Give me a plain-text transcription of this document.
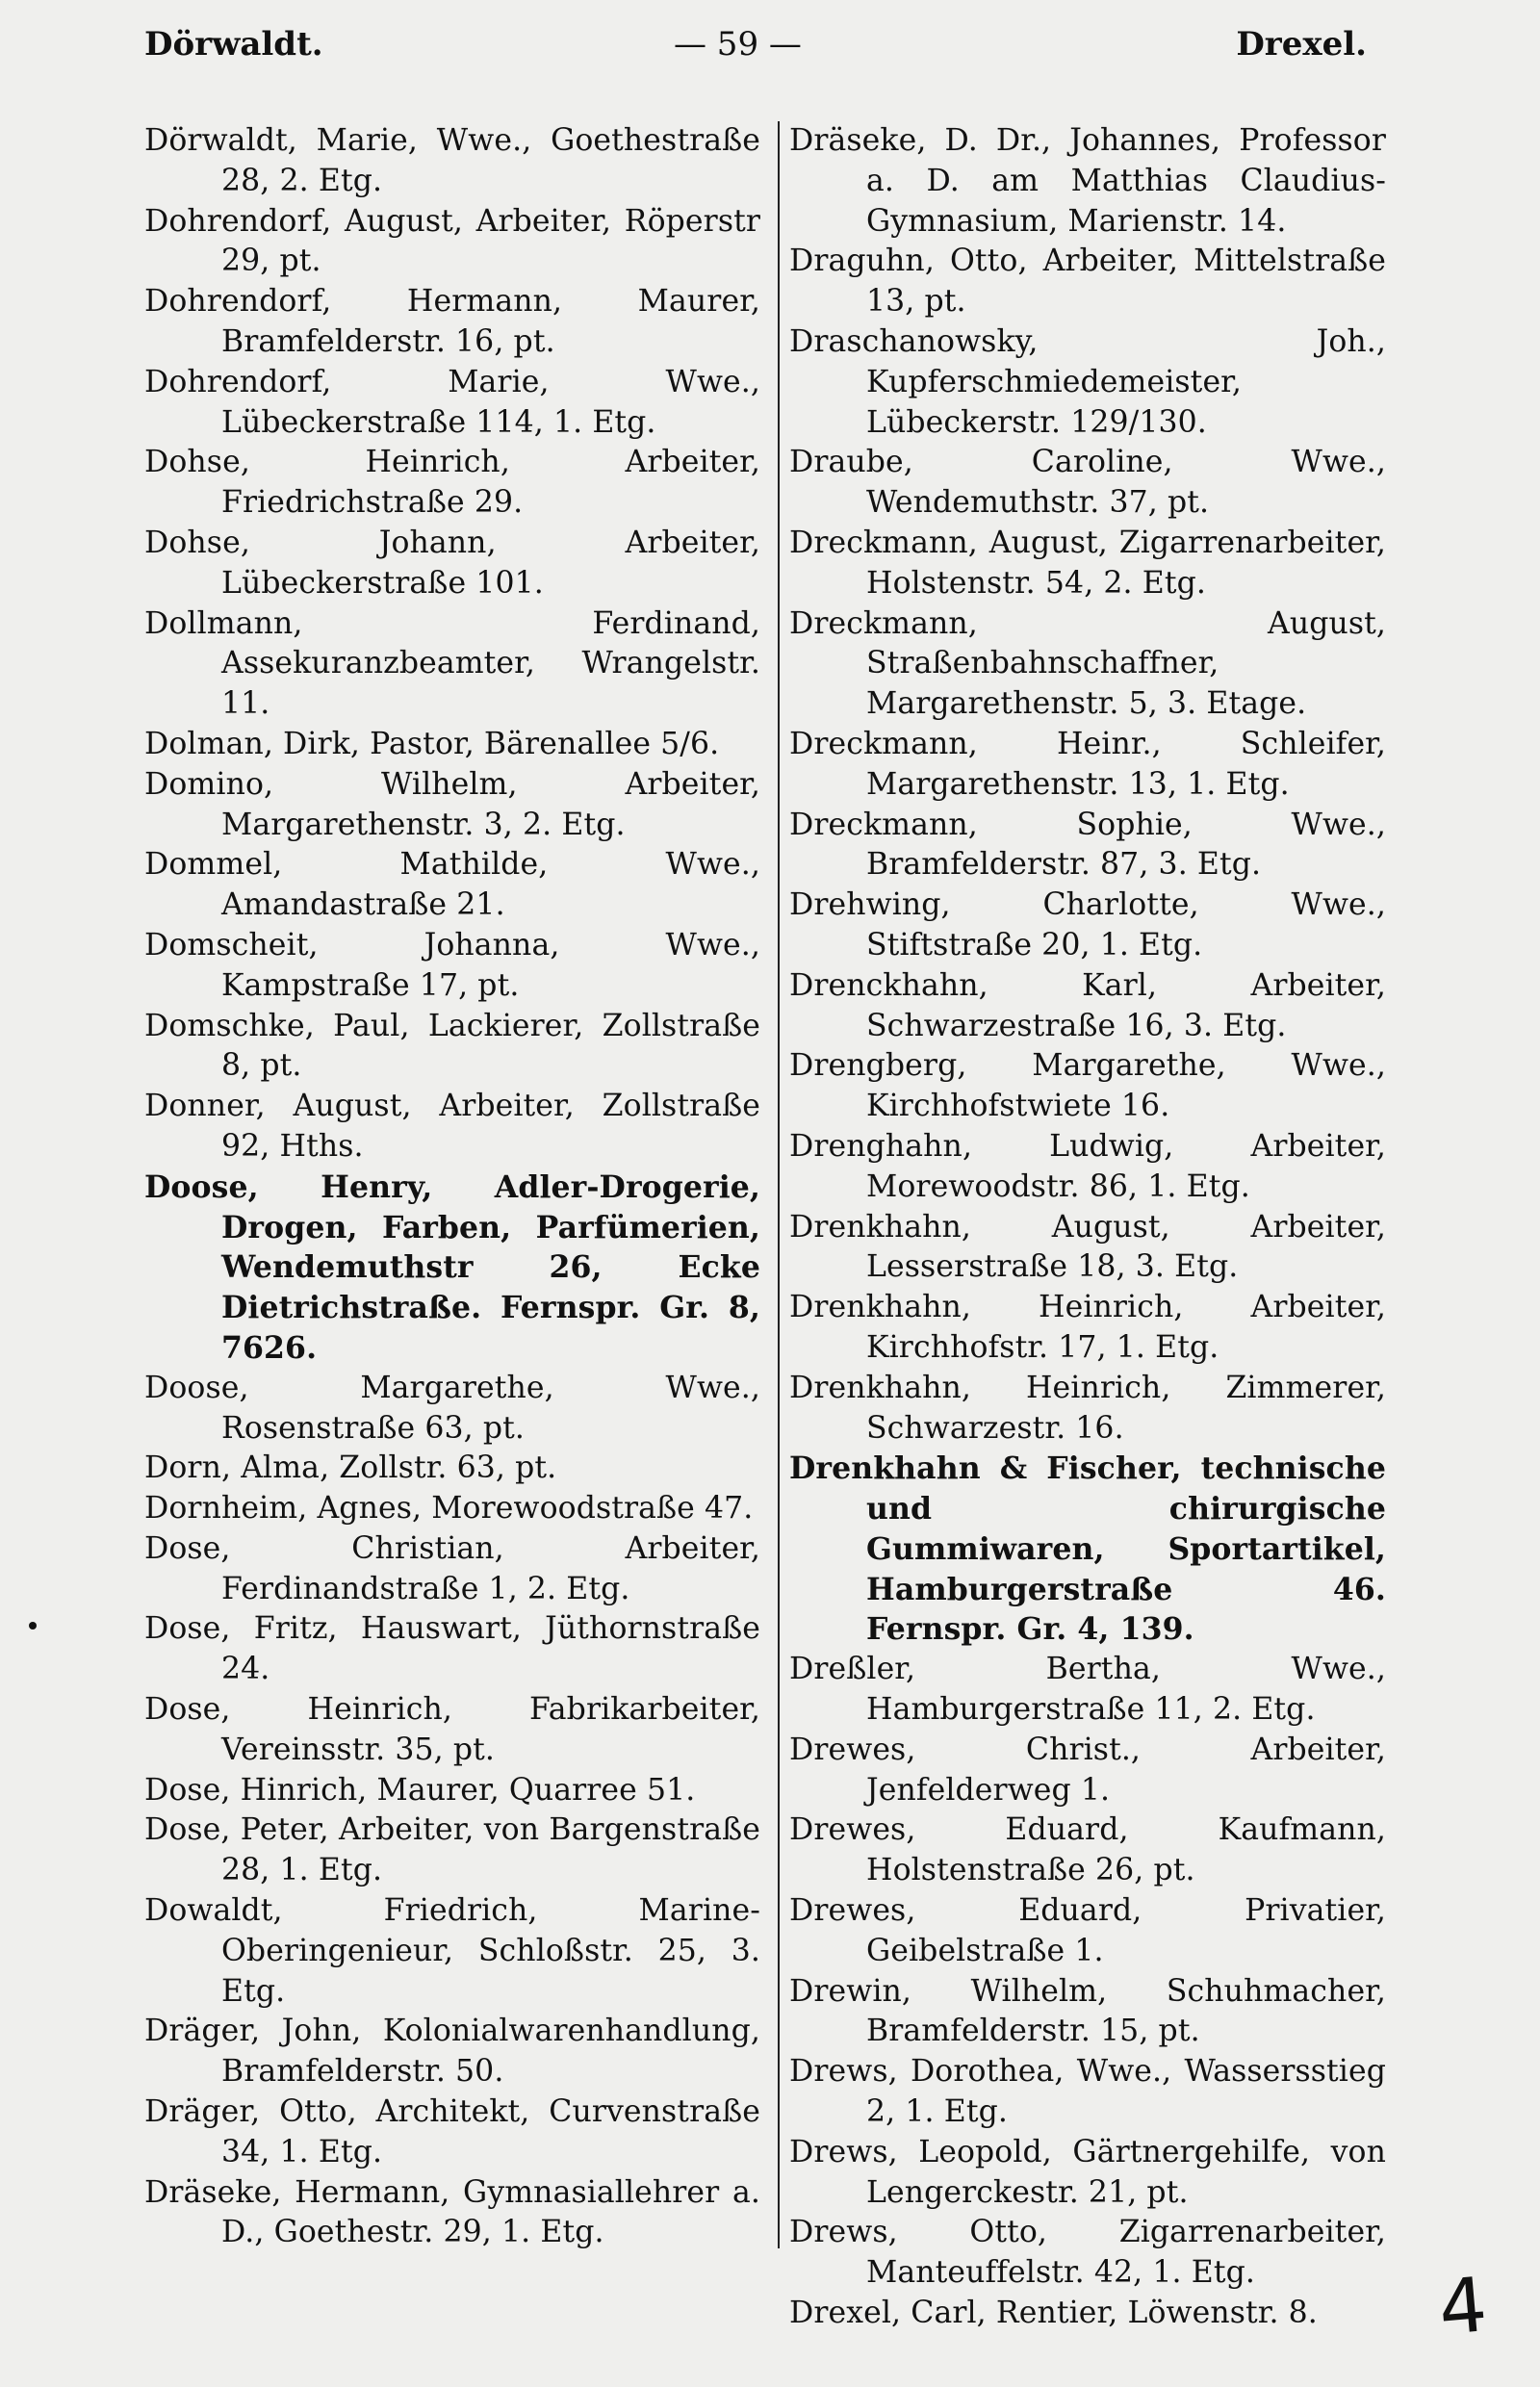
Dörwaldt.	— 59 —	Drexel.

Dörwaldt, Marie, Wwe., Goethestraße 28, 2. Etg.

Dohrendorf, August, Arbeiter, Röperstr 29, pt.

Dohrendorf, Hermann, Maurer, Bramfelderstr. 16, pt.

Dohrendorf, Marie, Wwe., Lübeckerstraße 114, 1. Etg.

Dohse, Heinrich, Arbeiter, Friedrichstraße 29.

Dohse, Johann, Arbeiter, Lübeckerstraße 101.

Dollmann, Ferdinand, Assekuranzbeamter, Wrangelstr. 11.

Dolman, Dirk, Pastor, Bärenallee 5/6.

Domino, Wilhelm, Arbeiter, Margarethenstr. 3, 2. Etg.

Dommel, Mathilde, Wwe., Amandastraße 21.

Domscheit, Johanna, Wwe., Kampstraße 17, pt.

Domschke, Paul, Lackierer, Zollstraße 8, pt.

Donner, August, Arbeiter, Zollstraße 92, Hths.

Doose, Henry, Adler-Drogerie, Drogen, Farben, Parfümerien, Wendemuthstr 26, Ecke Dietrichstraße. Fernspr. Gr. 8, 7626.

Doose, Margarethe, Wwe., Rosenstraße 63, pt.

Dorn, Alma, Zollstr. 63, pt.

Dornheim, Agnes, Morewoodstraße 47.

Dose, Christian, Arbeiter, Ferdinandstraße 1, 2. Etg.

Dose, Fritz, Hauswart, Jüthornstraße 24.

Dose, Heinrich, Fabrikarbeiter, Vereinsstr. 35, pt.

Dose, Hinrich, Maurer, Quarree 51.

Dose, Peter, Arbeiter, von Bargenstraße 28, 1. Etg.

Dowaldt, Friedrich, Marine-Oberingenieur, Schloßstr. 25, 3. Etg.

Dräger, John, Kolonialwarenhandlung, Bramfelderstr. 50.

Dräger, Otto, Architekt, Curvenstraße 34, 1. Etg.

Dräseke, Hermann, Gymnasiallehrer a. D., Goethestr. 29, 1. Etg.

Dräseke, D. Dr., Johannes, Professor a. D. am Matthias Claudius-Gymnasium, Marienstr. 14.

Draguhn, Otto, Arbeiter, Mittelstraße 13, pt.

Draschanowsky, Joh., Kupferschmiedemeister, Lübeckerstr. 129/130.

Draube, Caroline, Wwe., Wendemuthstr. 37, pt.

Dreckmann, August, Zigarrenarbeiter, Holstenstr. 54, 2. Etg.

Dreckmann, August, Straßenbahnschaffner, Margarethenstr. 5, 3. Etage.

Dreckmann, Heinr., Schleifer, Margarethenstr. 13, 1. Etg.

Dreckmann, Sophie, Wwe., Bramfelderstr. 87, 3. Etg.

Drehwing, Charlotte, Wwe., Stiftstraße 20, 1. Etg.

Drenckhahn, Karl, Arbeiter, Schwarzestraße 16, 3. Etg.

Drengberg, Margarethe, Wwe., Kirchhofstwiete 16.

Drenghahn, Ludwig, Arbeiter, Morewoodstr. 86, 1. Etg.

Drenkhahn, August, Arbeiter, Lesserstraße 18, 3. Etg.

Drenkhahn, Heinrich, Arbeiter, Kirchhofstr. 17, 1. Etg.

Drenkhahn, Heinrich, Zimmerer, Schwarzestr. 16.

Drenkhahn & Fischer, technische und chirurgische Gummiwaren, Sportartikel, Hamburgerstraße 46. Fernspr. Gr. 4, 139.

Dreßler, Bertha, Wwe., Hamburgerstraße 11, 2. Etg.

Drewes, Christ., Arbeiter, Jenfelderweg 1.

Drewes, Eduard, Kaufmann, Holstenstraße 26, pt.

Drewes, Eduard, Privatier, Geibelstraße 1.

Drewin, Wilhelm, Schuhmacher, Bramfelderstr. 15, pt.

Drews, Dorothea, Wwe., Wassersstieg 2, 1. Etg.

Drews, Leopold, Gärtnergehilfe, von Lengerckestr. 21, pt.

Drews, Otto, Zigarrenarbeiter, Manteuffelstr. 42, 1. Etg.

Drexel, Carl, Rentier, Löwenstr. 8.	4
